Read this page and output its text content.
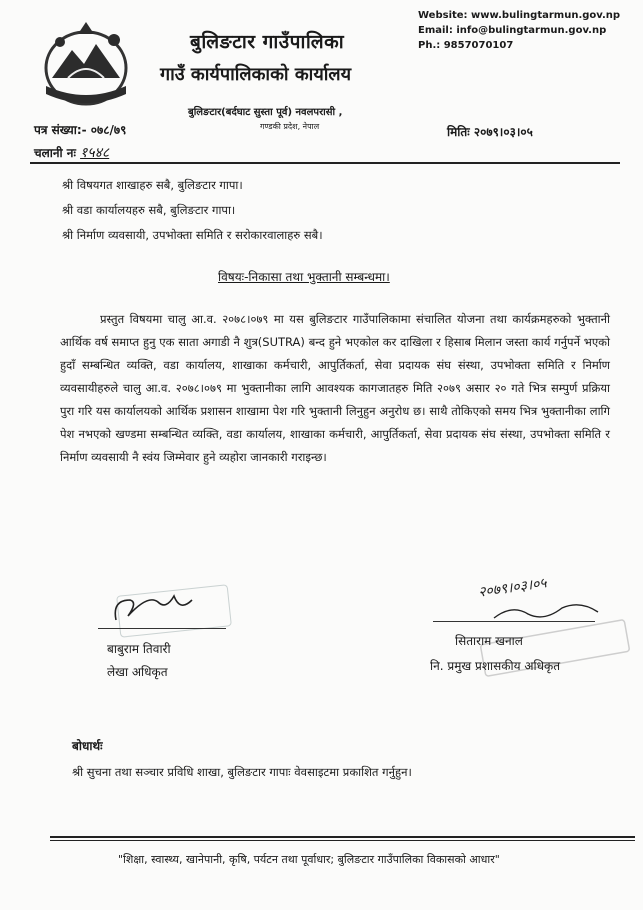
Website: www.bulingtarmun.gov.np
Email: info@bulingtarmun.gov.np
Ph.: 9857070107
बुलिङटार गाउँपालिका
गाउँ कार्यपालिकाको कार्यालय
बुलिङटार(बर्दघाट सुस्ता पूर्व) नवलपरासी ,
गण्डकी प्रदेश, नेपाल
पत्र संख्या:- ०७८/७९
चलानी नः १५४८
मितिः २०७९।०३।०५
श्री विषयगत शाखाहरु सबै, बुलिङटार गापा।
श्री वडा कार्यालयहरु सबै, बुलिङटार गापा।
श्री निर्माण व्यवसायी, उपभोक्ता समिति र सरोकारवालाहरु सबै।
विषयः-निकासा तथा भुक्तानी सम्बन्धमा।
प्रस्तुत विषयमा चालु आ.व. २०७८।०७९ मा यस बुलिङटार गाउँपालिकामा संचालित योजना तथा कार्यक्रमहरुको भुक्तानी आर्थिक वर्ष समाप्त हुनु एक साता अगाडी नै शुत्र(SUTRA) बन्द हुने भएकोल कर दाखिला र हिसाब मिलान जस्ता कार्य गर्नुपर्ने भएको हुदाँ सम्बन्धित व्यक्ति, वडा कार्यालय, शाखाका कर्मचारी, आपुर्तिकर्ता, सेवा प्रदायक संघ संस्था, उपभोक्ता समिति र निर्माण व्यवसायीहरुले चालु आ.व. २०७८।०७९ मा भुक्तानीका लागि आवश्यक कागजातहरु मिति २०७९ असार २० गते भित्र सम्पुर्ण प्रक्रिया पुरा गरि यस कार्यालयको आर्थिक प्रशासन शाखामा पेश गरि भुक्तानी लिनुहुन अनुरोध छ। साथै तोकिएको समय भित्र भुक्तानीका लागि पेश नभएको खण्डमा सम्बन्धित व्यक्ति, वडा कार्यालय, शाखाका कर्मचारी, आपुर्तिकर्ता, सेवा प्रदायक संघ संस्था, उपभोक्ता समिति र निर्माण व्यवसायी नै स्वंय जिम्मेवार हुने व्यहोरा जानकारी गराइन्छ।
२०७९।०३।०५
बाबुराम तिवारी
लेखा अधिकृत
सिताराम खनाल
नि. प्रमुख प्रशासकीय अधिकृत
बोधार्थः
श्री सुचना तथा सञ्चार प्रविधि शाखा, बुलिङटार गापाः वेवसाइटमा प्रकाशित गर्नुहुन।
"शिक्षा, स्वास्थ्य, खानेपानी, कृषि, पर्यटन तथा पूर्वाधार; बुलिङटार गाउँपालिका विकासको आधार"
